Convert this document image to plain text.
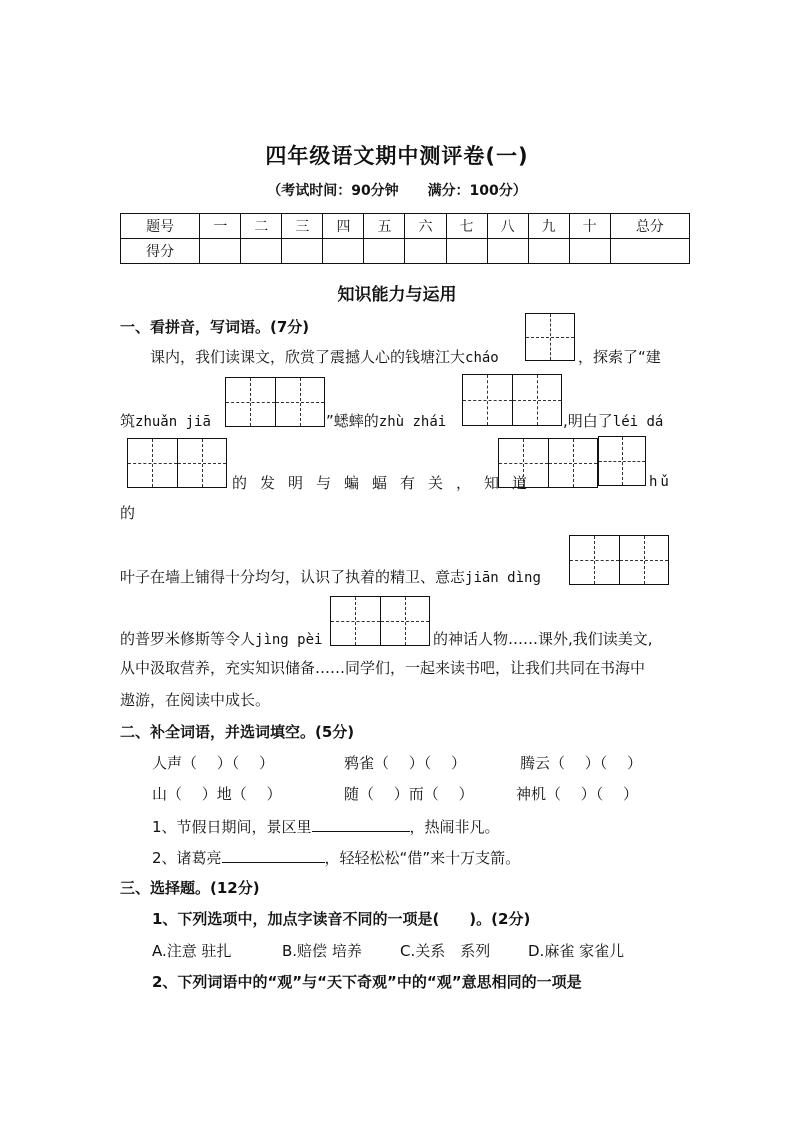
四年级语文期中测评卷(一)
（考试时间：90分钟 满分：100分）
题号	一	二	三	四	五	六	七	八	九	十	总分
得分											
知识能力与运用
一、看拼音，写词语。(7分)
课内，我们读课文，欣赏了震撼人心的钱塘江大cháo	，探索了“建
筑zhuǎn jiā	”蟋蟀的zhù zhái	,明白了léi dá
的发明与蝙蝠有关，知道	hǔ
的
叶子在墙上铺得十分均匀，认识了执着的精卫、意志jiān dìng
的普罗米修斯等令人jìng pèi	的神话人物……课外,我们读美文,
从中汲取营养，充实知识储备……同学们，一起来读书吧，让我们共同在书海中
遨游，在阅读中成长。
二、补全词语，并选词填空。(5分)
人声（　 ）（　 ）	鸦雀（　 ）（　 ）	腾云（　 ）（　 ）
山（　 ）地（　 ）	随（　 ）而（　 ）	神机（　 ）（　 ）
1、节假日期间，景区里	，热闹非凡。
2、诸葛亮	，轻轻松松“借”来十万支箭。
三、选择题。(12分)
1、下列选项中，加点字读音不同的一项是(　　)。(2分)
A.注意 驻扎	B.赔偿 培养	C.关系　系列	D.麻雀 家雀儿
2、下列词语中的“观”与“天下奇观”中的“观”意思相同的一项是
